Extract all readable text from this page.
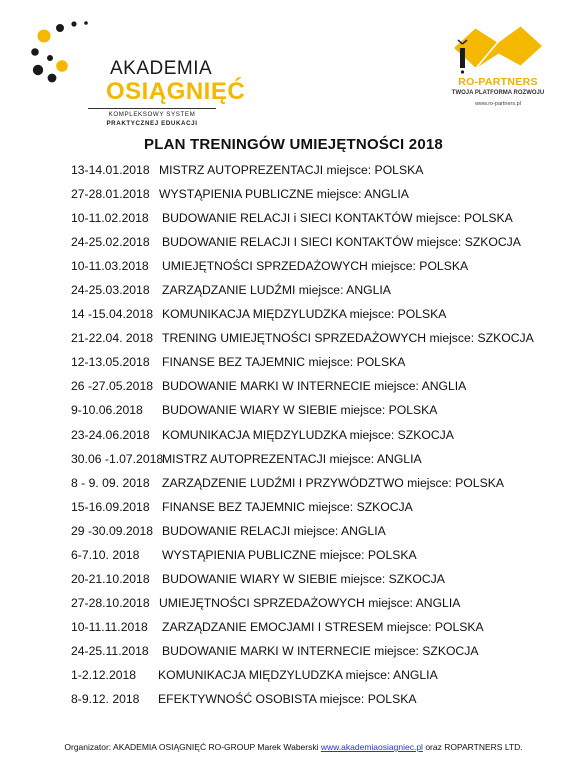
AKADEMIA
OSIĄGNIĘĆ
KOMPLEKSOWY SYSTEM
PRAKTYCZNEJ EDUKACJI
RO-PARTNERS
TWOJA PLATFORMA ROZWOJU
www.ro-partners.pl
PLAN TRENINGÓW UMIEJĘTNOŚCI 2018
13-14.01.2018 MISTRZ AUTOPREZENTACJI miejsce: POLSKA
27-28.01.2018 WYSTĄPIENIA PUBLICZNE miejsce: ANGLIA
10-11.02.2018 BUDOWANIE RELACJI i SIECI KONTAKTÓW miejsce: POLSKA
24-25.02.2018 BUDOWANIE RELACJI I SIECI KONTAKTÓW miejsce: SZKOCJA
10-11.03.2018 UMIEJĘTNOŚCI SPRZEDAŻOWYCH miejsce: POLSKA
24-25.03.2018 ZARZĄDZANIE LUDŹMI miejsce: ANGLIA
14 -15.04.2018 KOMUNIKACJA MIĘDZYLUDZKA miejsce: POLSKA
21-22.04. 2018 TRENING UMIEJĘTNOŚCI SPRZEDAŻOWYCH miejsce: SZKOCJA
12-13.05.2018 FINANSE BEZ TAJEMNIC miejsce: POLSKA
26 -27.05.2018 BUDOWANIE MARKI W INTERNECIE miejsce: ANGLIA
9-10.06.2018 BUDOWANIE WIARY W SIEBIE miejsce: POLSKA
23-24.06.2018 KOMUNIKACJA MIĘDZYLUDZKA miejsce: SZKOCJA
30.06 -1.07.2018
MISTRZ AUTOPREZENTACJI miejsce: ANGLIA
8 - 9. 09. 2018 ZARZĄDZENIE LUDŹMI I PRZYWÓDZTWO miejsce: POLSKA
15-16.09.2018 FINANSE BEZ TAJEMNIC miejsce: SZKOCJA
29 -30.09.2018 BUDOWANIE RELACJI miejsce: ANGLIA
6-7.10. 2018 WYSTĄPIENIA PUBLICZNE miejsce: POLSKA
20-21.10.2018 BUDOWANIE WIARY W SIEBIE miejsce: SZKOCJA
27-28.10.2018 UMIEJĘTNOŚCI SPRZEDAŻOWYCH miejsce: ANGLIA
10-11.11.2018 ZARZĄDZANIE EMOCJAMI I STRESEM miejsce: POLSKA
24-25.11.2018 BUDOWANIE MARKI W INTERNECIE miejsce: SZKOCJA
1-2.12.2018 KOMUNIKACJA MIĘDZYLUDZKA miejsce: ANGLIA
8-9.12. 2018 EFEKTYWNOŚĆ OSOBISTA miejsce: POLSKA
Organizator: AKADEMIA OSIĄGNIĘĆ RO-GROUP Marek Waberski www.akademiaosiagniec.pl oraz ROPARTNERS LTD.
